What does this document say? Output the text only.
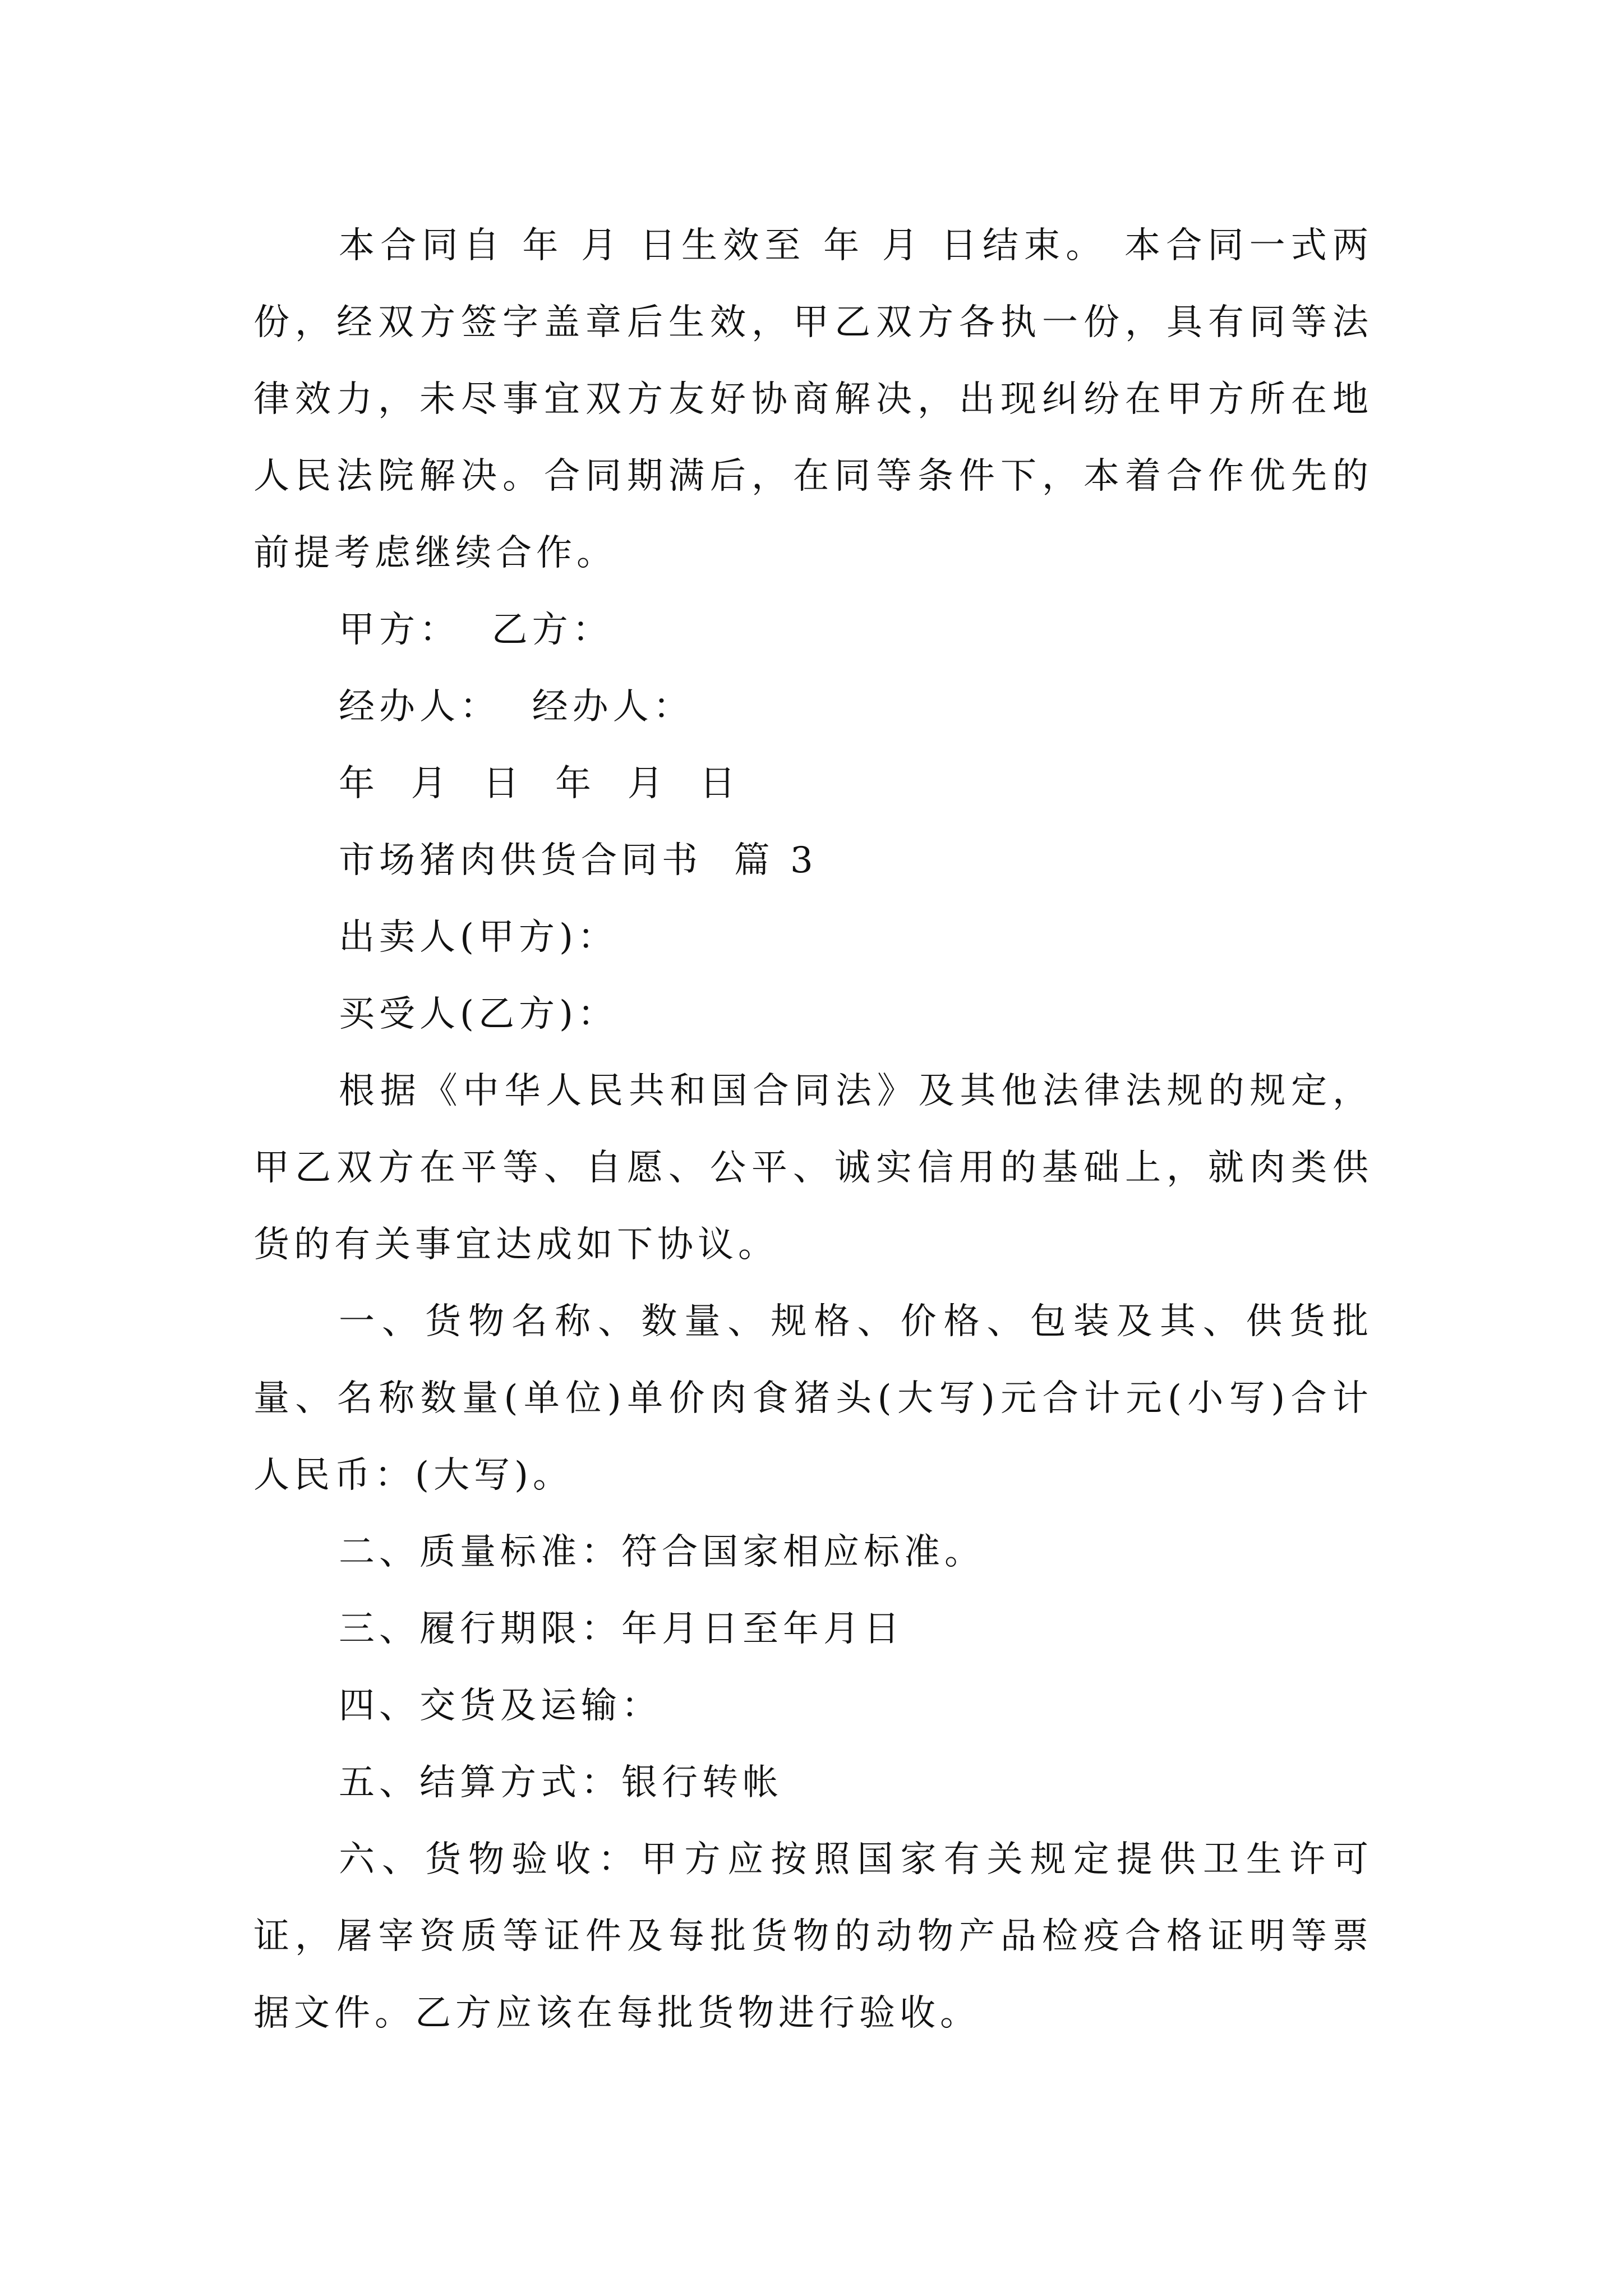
本合同自 年 月 日生效至 年 月 日结束。 本合同一式两份，经双方签字盖章后生效，甲乙双方各执一份，具有同等法律效力，未尽事宜双方友好协商解决，出现纠纷在甲方所在地人民法院解决。合同期满后，在同等条件下，本着合作优先的前提考虑继续合作。

甲方：  乙方：

经办人：  经办人：

年  月  日  年  月  日

市场猪肉供货合同书  篇 3

出卖人(甲方)：

买受人(乙方)：

根据《中华人民共和国合同法》及其他法律法规的规定，甲乙双方在平等、自愿、公平、诚实信用的基础上，就肉类供货的有关事宜达成如下协议。

一、货物名称、数量、规格、价格、包装及其、供货批量、名称数量(单位)单价肉食猪头(大写)元合计元(小写)合计人民币：(大写)。

二、质量标准：符合国家相应标准。

三、履行期限：年月日至年月日

四、交货及运输：

五、结算方式：银行转帐

六、货物验收：甲方应按照国家有关规定提供卫生许可证，屠宰资质等证件及每批货物的动物产品检疫合格证明等票据文件。乙方应该在每批货物进行验收。
